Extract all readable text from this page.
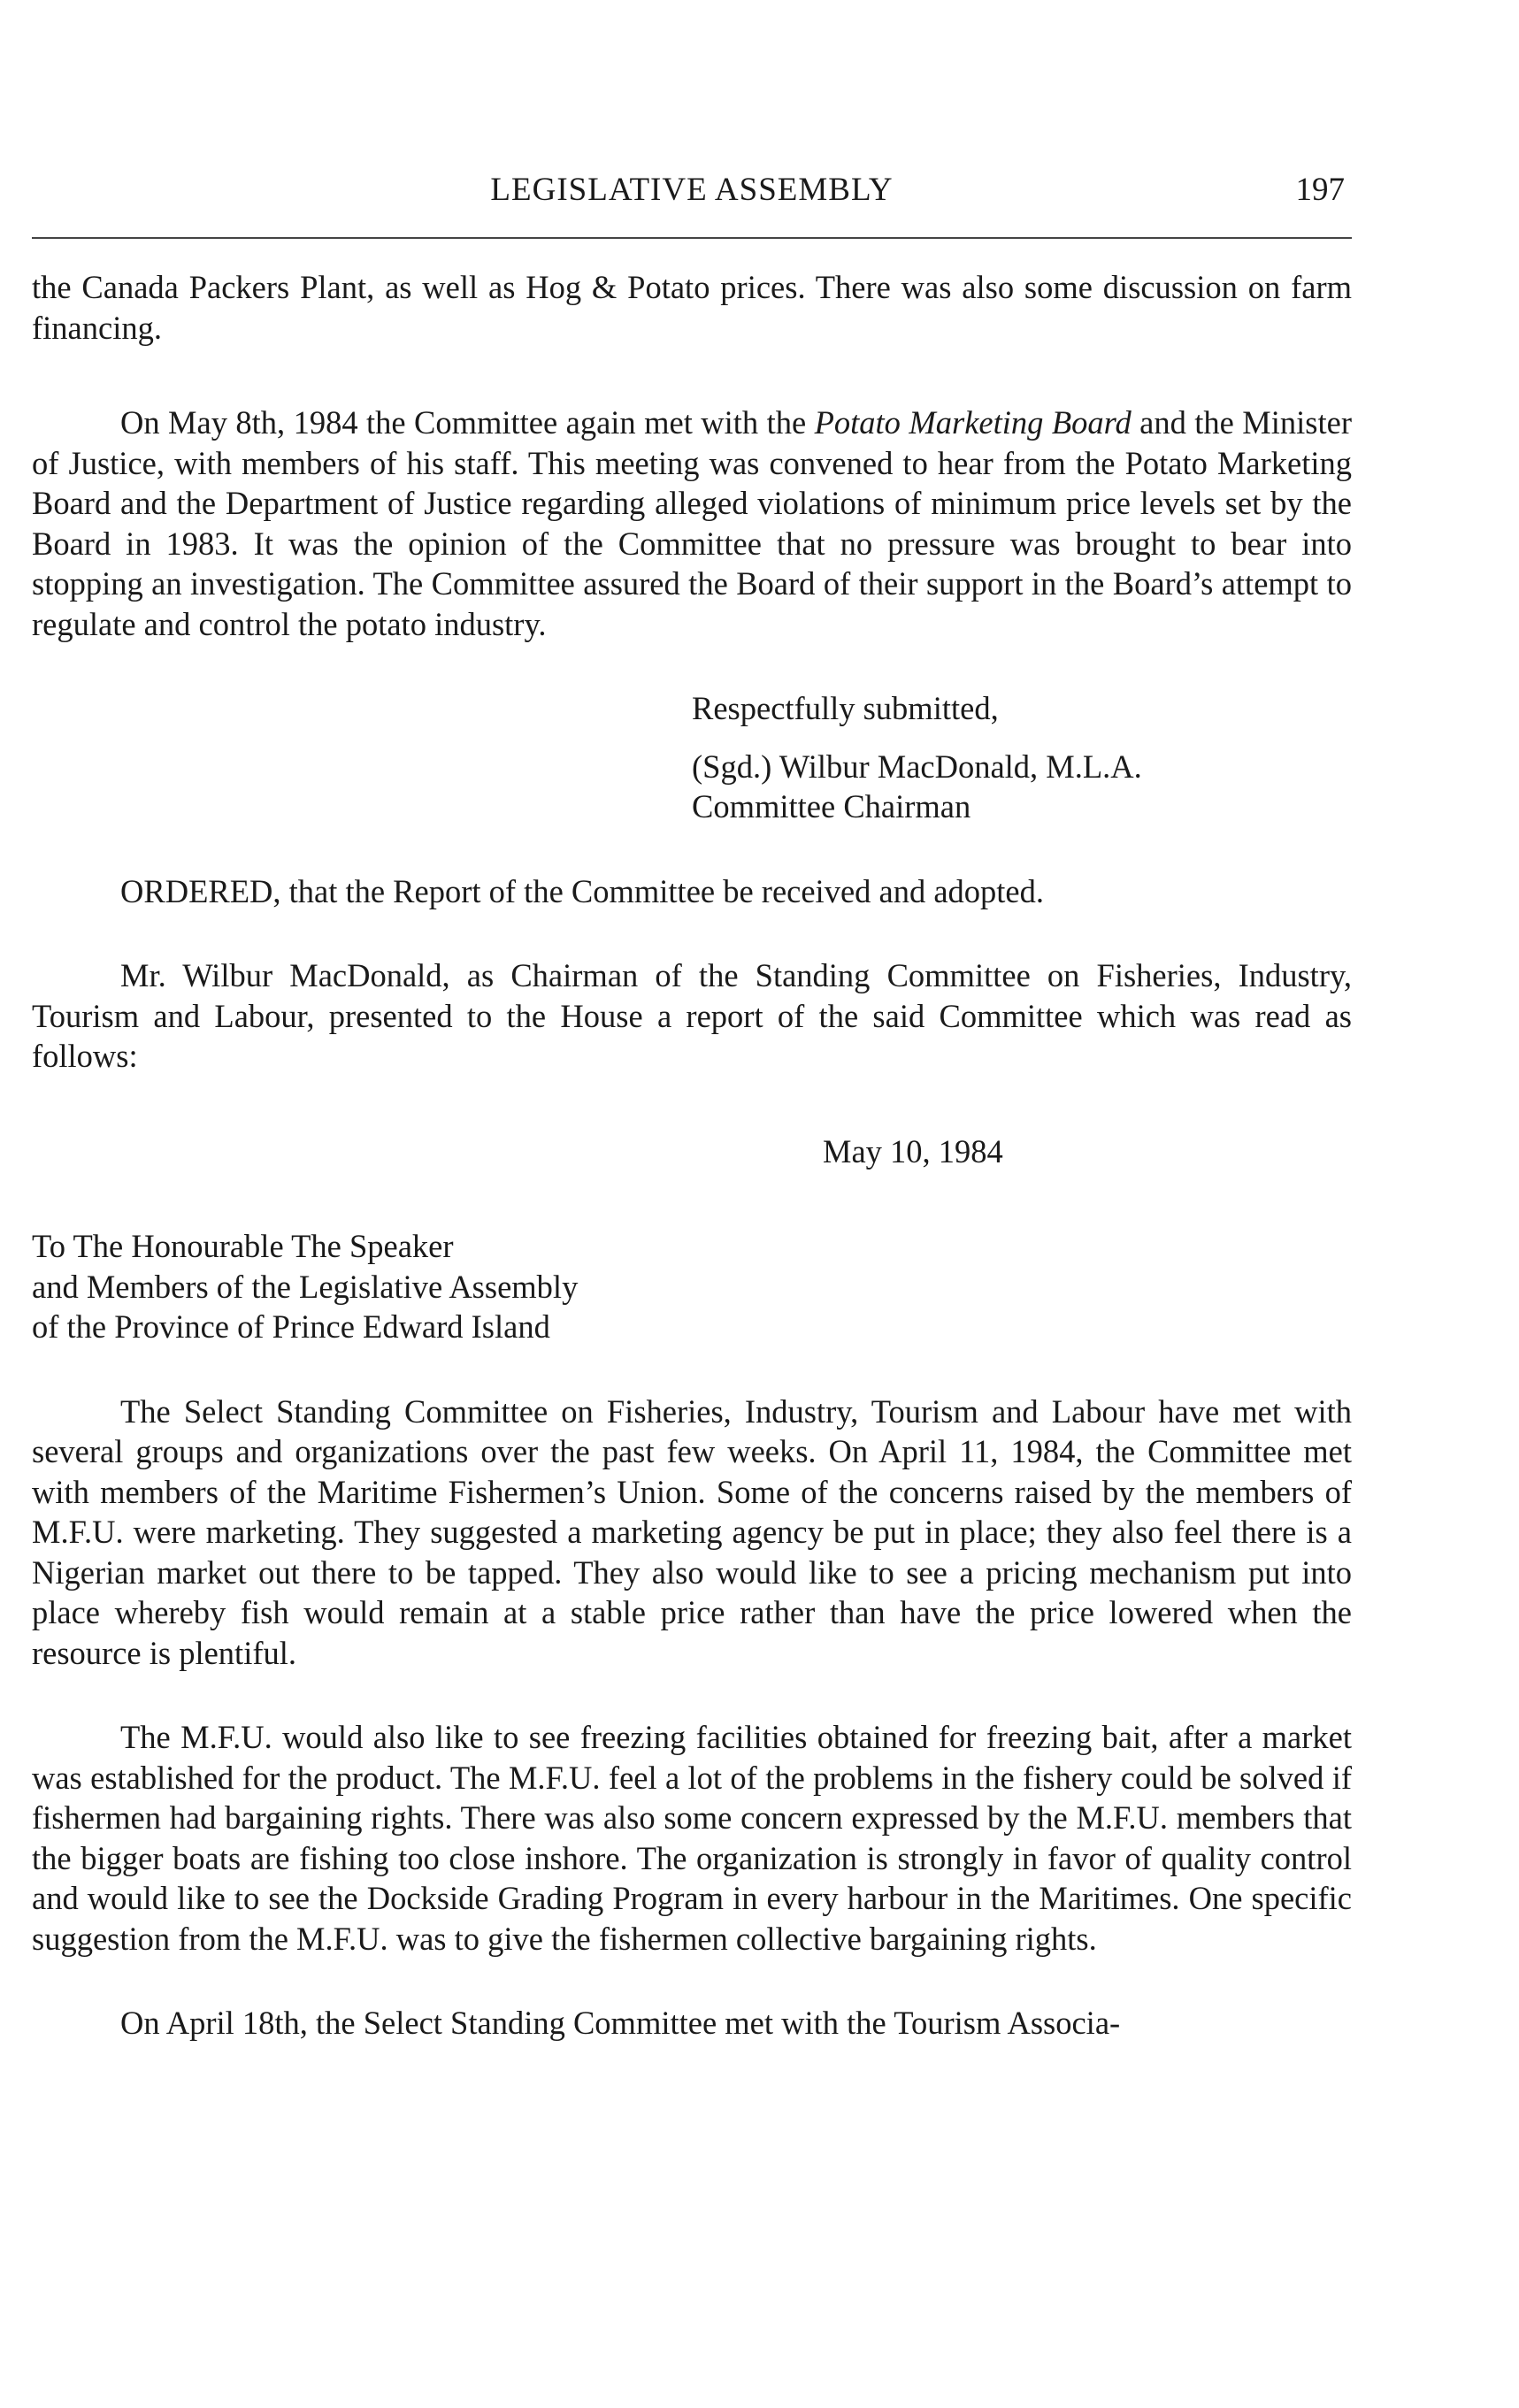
LEGISLATIVE ASSEMBLY	197

the Canada Packers Plant, as well as Hog & Potato prices. There was also some discussion on farm financing.

On May 8th, 1984 the Committee again met with the Potato Marketing Board and the Minister of Justice, with members of his staff. This meeting was convened to hear from the Potato Marketing Board and the Department of Justice regarding alleged violations of minimum price levels set by the Board in 1983. It was the opinion of the Committee that no pressure was brought to bear into stopping an investigation. The Committee assured the Board of their support in the Board’s attempt to regulate and control the potato industry.

Respectfully submitted,
(Sgd.) Wilbur MacDonald, M.L.A.
Committee Chairman

ORDERED, that the Report of the Committee be received and adopted.

Mr. Wilbur MacDonald, as Chairman of the Standing Committee on Fisheries, Industry, Tourism and Labour, presented to the House a report of the said Committee which was read as follows:

May 10, 1984
To The Honourable The Speaker
and Members of the Legislative Assembly
of the Province of Prince Edward Island

The Select Standing Committee on Fisheries, Industry, Tourism and Labour have met with several groups and organizations over the past few weeks. On April 11, 1984, the Committee met with members of the Maritime Fishermen’s Union. Some of the concerns raised by the members of M.F.U. were marketing. They suggested a marketing agency be put in place; they also feel there is a Nigerian market out there to be tapped. They also would like to see a pricing mechanism put into place whereby fish would remain at a stable price rather than have the price lowered when the resource is plentiful.

The M.F.U. would also like to see freezing facilities obtained for freezing bait, after a market was established for the product. The M.F.U. feel a lot of the problems in the fishery could be solved if fishermen had bargaining rights. There was also some concern expressed by the M.F.U. members that the bigger boats are fishing too close inshore. The organization is strongly in favor of quality control and would like to see the Dockside Grading Program in every harbour in the Maritimes. One specific suggestion from the M.F.U. was to give the fishermen collective bargaining rights.

On April 18th, the Select Standing Committee met with the Tourism Associa-
